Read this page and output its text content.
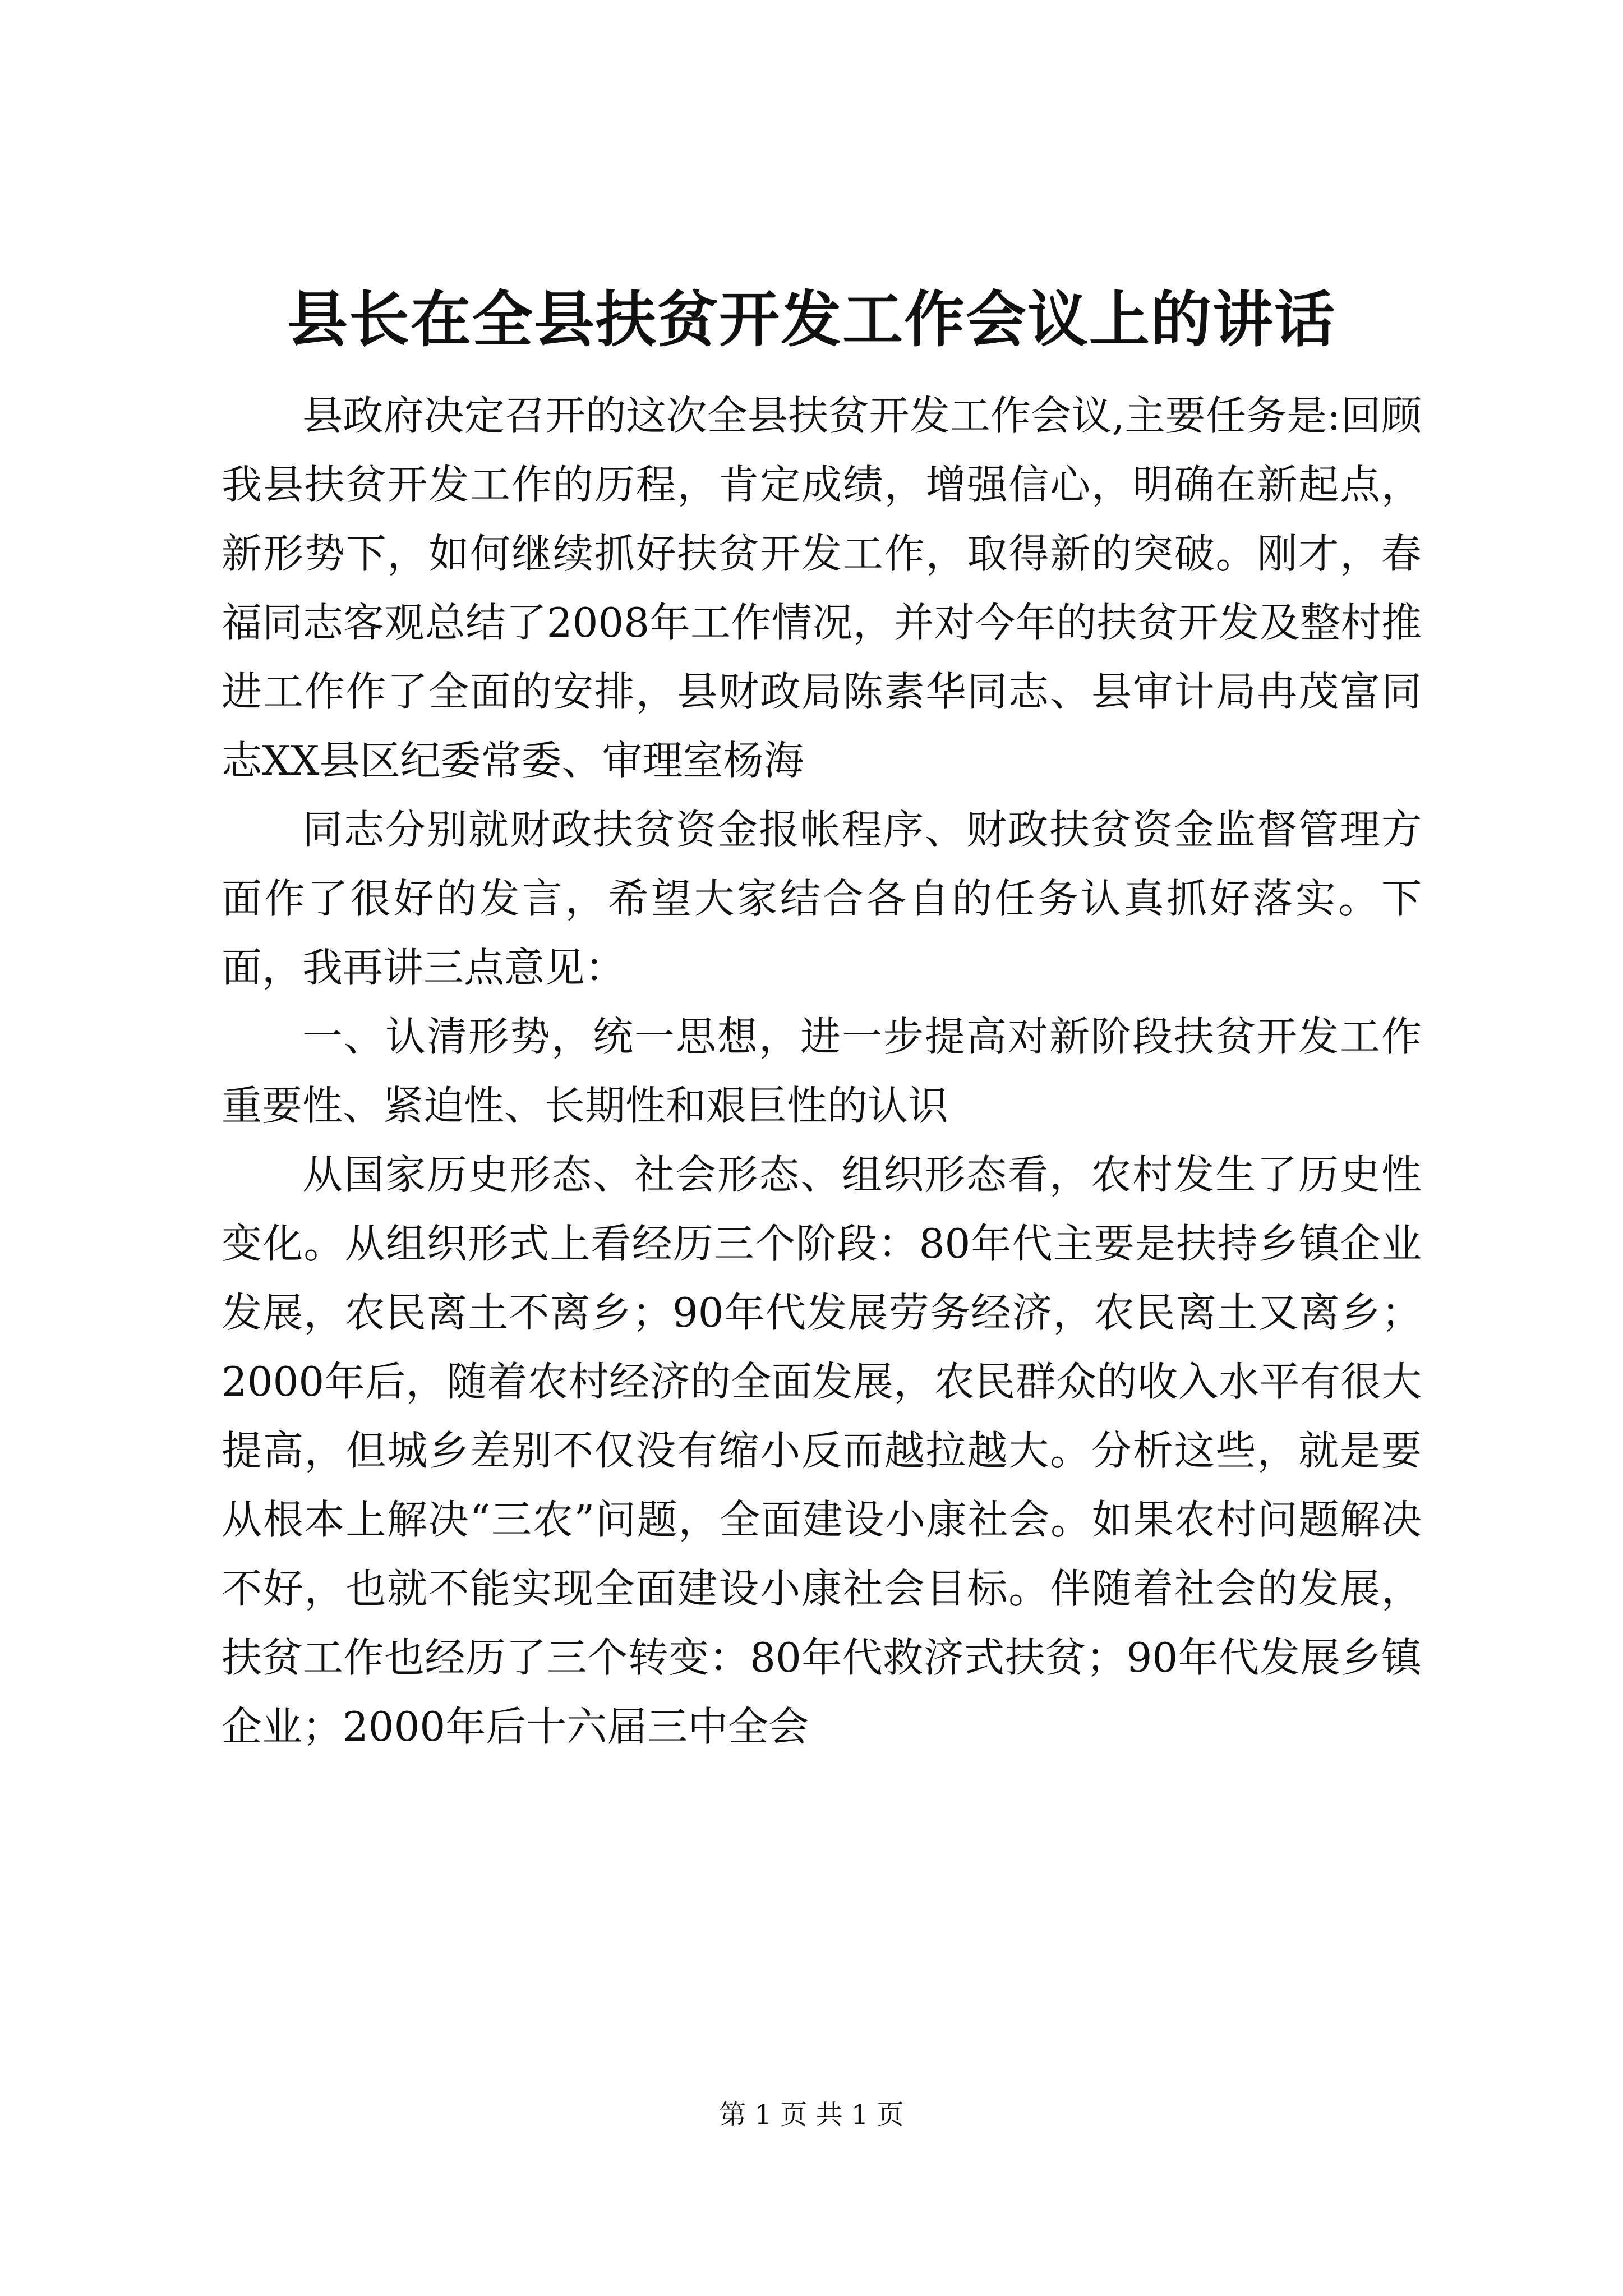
县长在全县扶贫开发工作会议上的讲话

县政府决定召开的这次全县扶贫开发工作会议,主要任务是:回顾我县扶贫开发工作的历程，肯定成绩，增强信心，明确在新起点，新形势下，如何继续抓好扶贫开发工作，取得新的突破。刚才，春福同志客观总结了2008年工作情况，并对今年的扶贫开发及整村推进工作作了全面的安排，县财政局陈素华同志、县审计局冉茂富同志XX县区纪委常委、审理室杨海

同志分别就财政扶贫资金报帐程序、财政扶贫资金监督管理方面作了很好的发言，希望大家结合各自的任务认真抓好落实。下面，我再讲三点意见：

一、认清形势，统一思想，进一步提高对新阶段扶贫开发工作重要性、紧迫性、长期性和艰巨性的认识

从国家历史形态、社会形态、组织形态看，农村发生了历史性变化。从组织形式上看经历三个阶段：80年代主要是扶持乡镇企业发展，农民离土不离乡；90年代发展劳务经济，农民离土又离乡；2000年后，随着农村经济的全面发展，农民群众的收入水平有很大提高，但城乡差别不仅没有缩小反而越拉越大。分析这些，就是要从根本上解决“三农”问题，全面建设小康社会。如果农村问题解决不好，也就不能实现全面建设小康社会目标。伴随着社会的发展，扶贫工作也经历了三个转变：80年代救济式扶贫；90年代发展乡镇企业；2000年后十六届三中全会

第 1 页 共 1 页
